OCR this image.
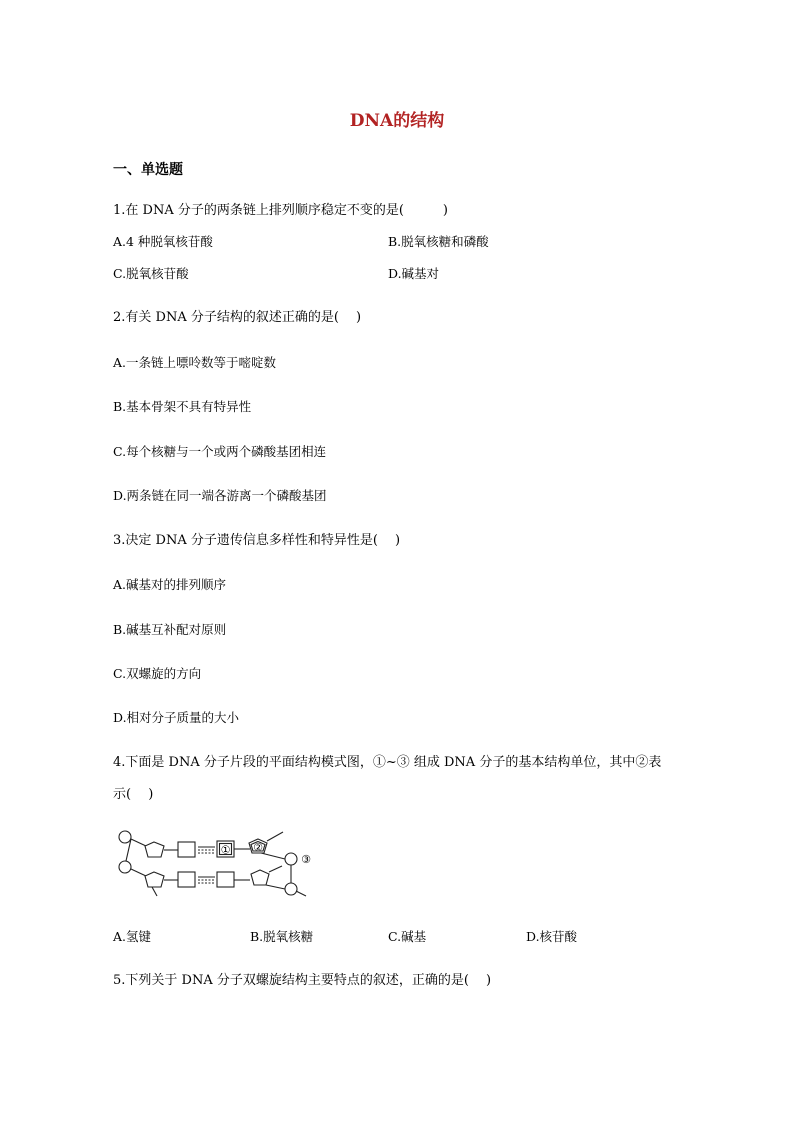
DNA的结构
一、单选题
1.在 DNA 分子的两条链上排列顺序稳定不变的是(　　　)
A.4 种脱氧核苷酸	B.脱氧核糖和磷酸
C.脱氧核苷酸	D.碱基对
2.有关 DNA 分子结构的叙述正确的是(　 )
A.一条链上嘌呤数等于嘧啶数
B.基本骨架不具有特异性
C.每个核糖与一个或两个磷酸基团相连
D.两条链在同一端各游离一个磷酸基团
3.决定 DNA 分子遗传信息多样性和特异性是(　 )
A.碱基对的排列顺序
B.碱基互补配对原则
C.双螺旋的方向
D.相对分子质量的大小
4.下面是 DNA 分子片段的平面结构模式图，①~③ 组成 DNA 分子的基本结构单位，其中②表
示(　 )
① ②
③
A.氢键	B.脱氧核糖	C.碱基	D.核苷酸
5.下列关于 DNA 分子双螺旋结构主要特点的叙述，正确的是(　 )
